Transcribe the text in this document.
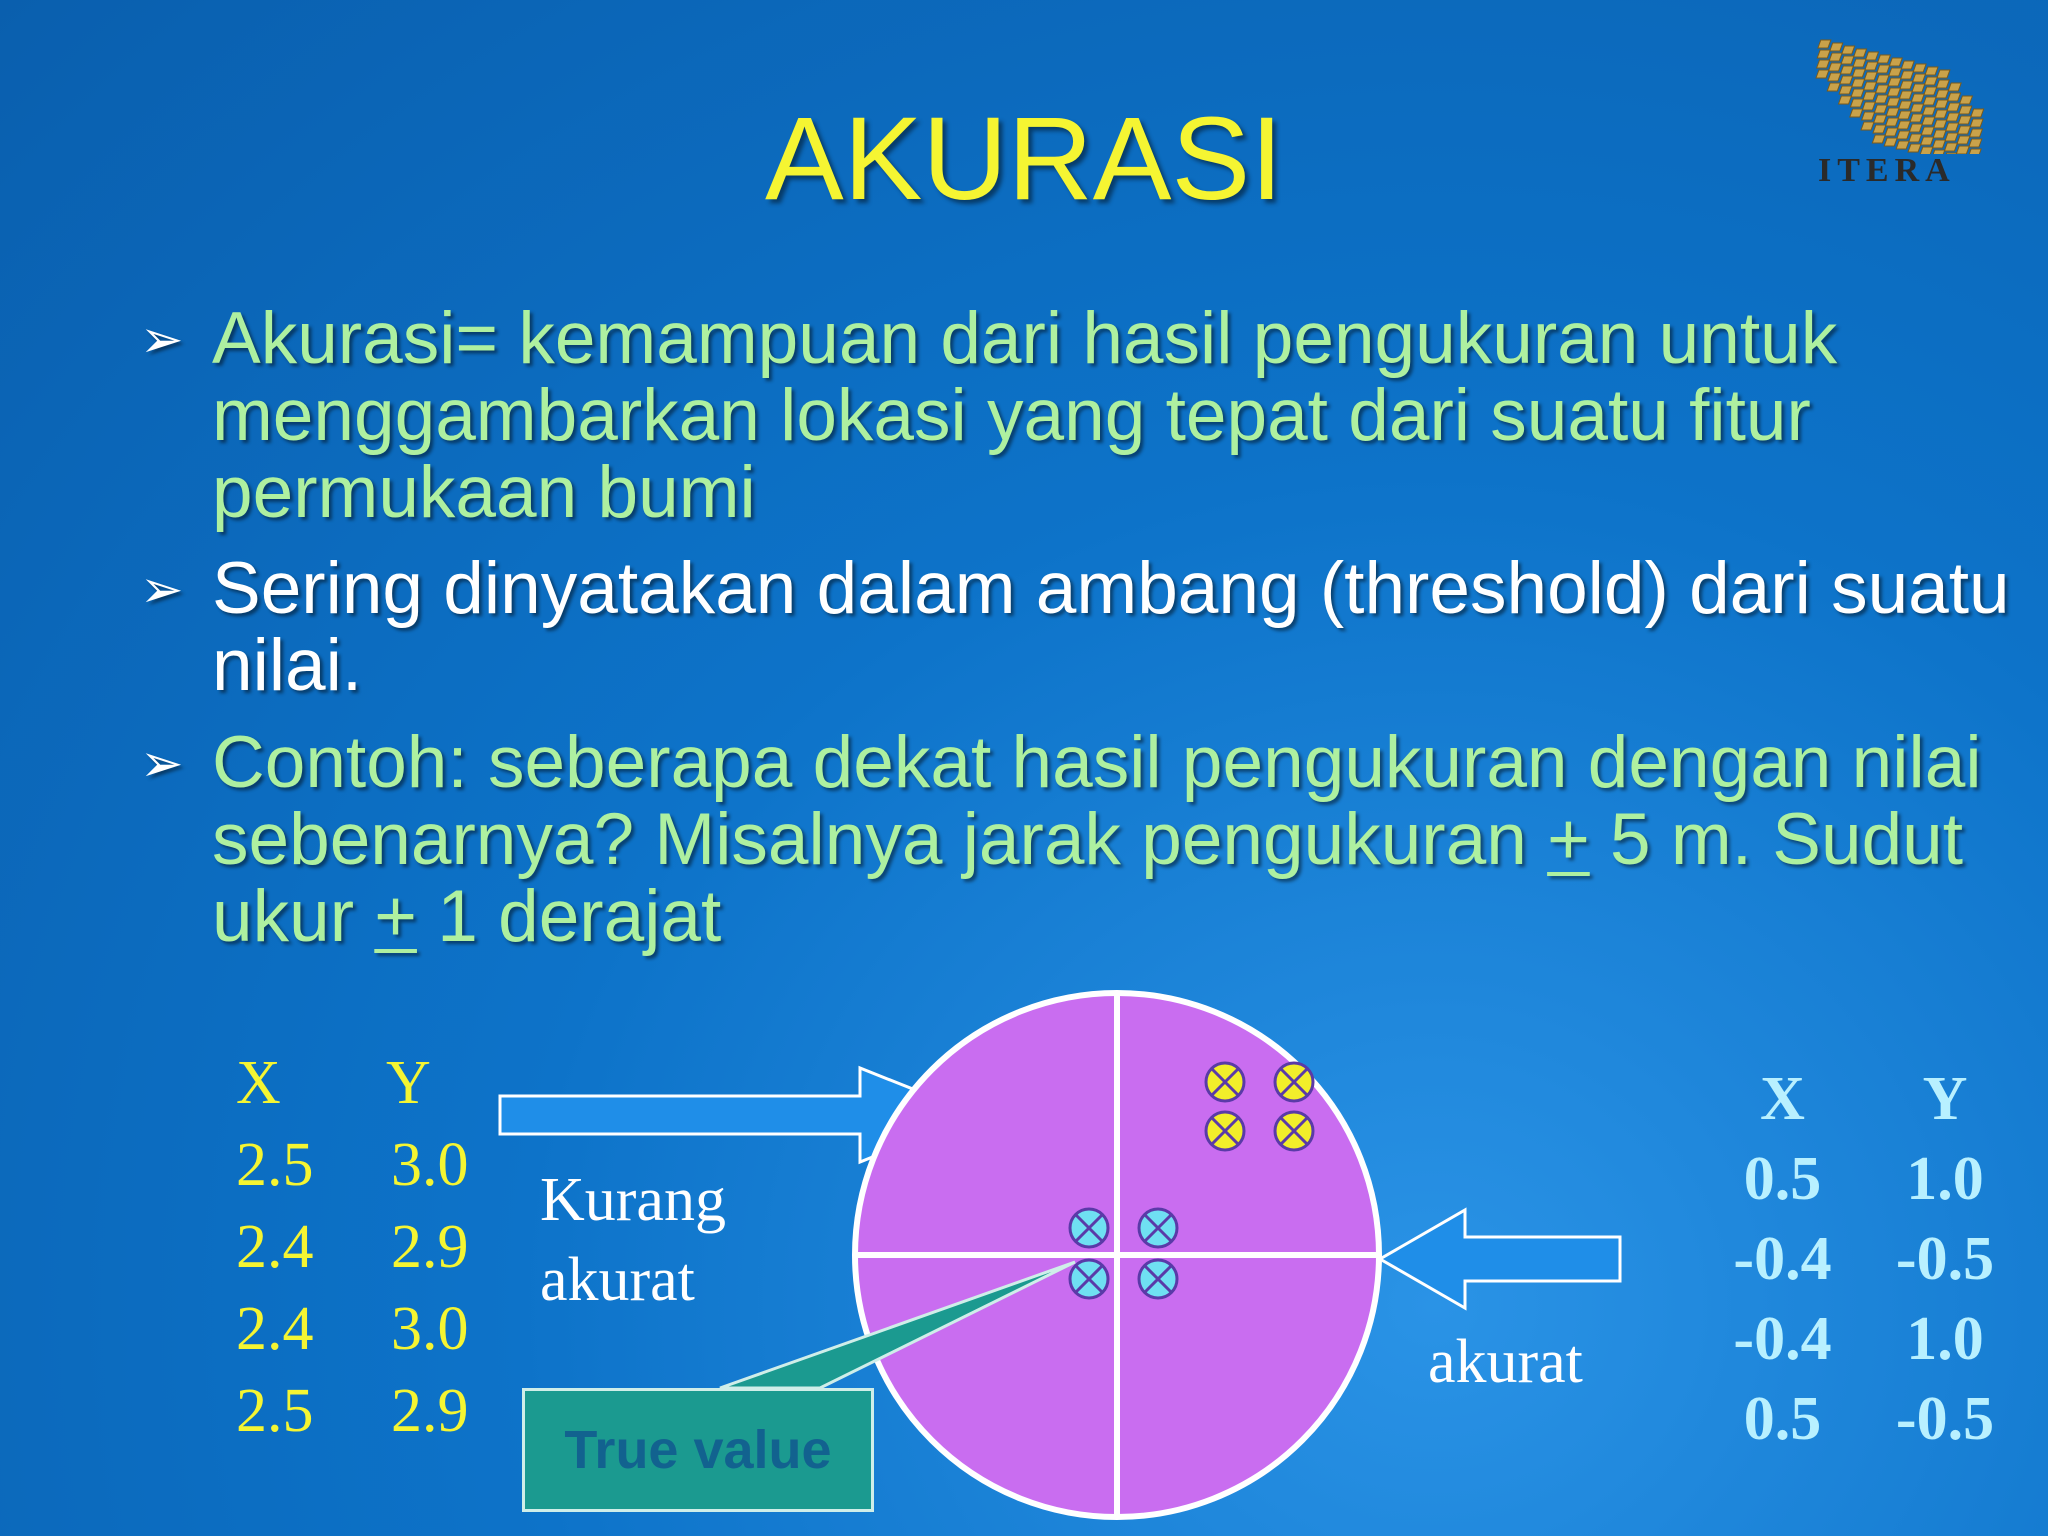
AKURASI	ITERA
➢ Akurasi= kemampuan dari hasil pengukuran untuk menggambarkan lokasi yang tepat dari suatu fitur permukaan bumi
➢ Sering dinyatakan dalam ambang (threshold) dari suatu nilai.
➢ Contoh: seberapa dekat hasil pengukuran dengan nilai sebenarnya? Misalnya jarak pengukuran + 5 m. Sudut ukur + 1 derajat
True value
X Y
2.5 3.0
2.4 2.9
2.4 3.0
2.5 2.9
Kurang
akurat
akurat
X Y
0.5 1.0
-0.4 -0.5
-0.4 1.0
0.5 -0.5
